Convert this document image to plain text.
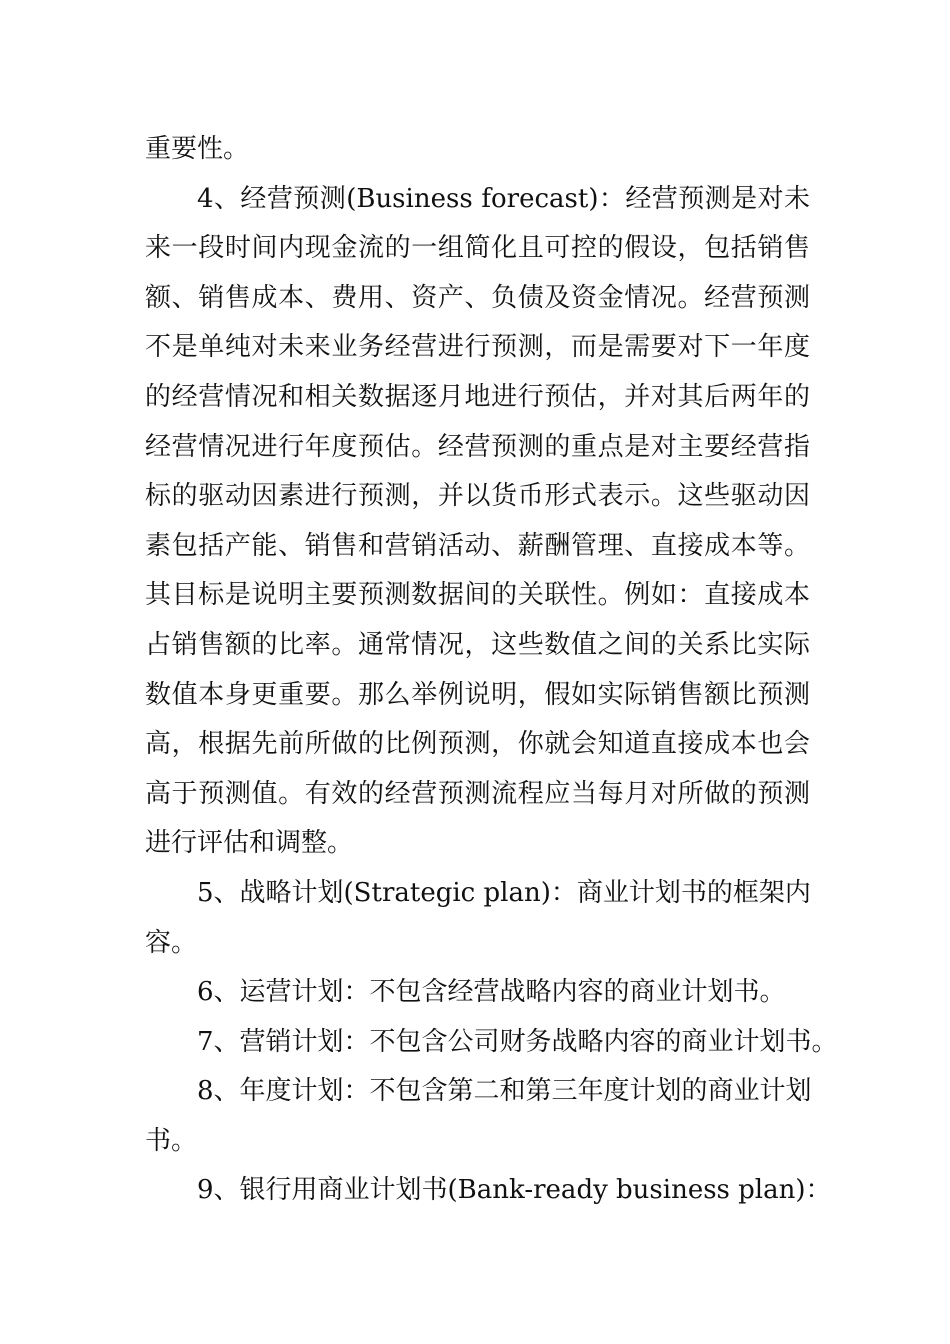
重要性。
4、经营预测(Business forecast)：经营预测是对未
来一段时间内现金流的一组简化且可控的假设，包括销售
额、销售成本、费用、资产、负债及资金情况。经营预测
不是单纯对未来业务经营进行预测，而是需要对下一年度
的经营情况和相关数据逐月地进行预估，并对其后两年的
经营情况进行年度预估。经营预测的重点是对主要经营指
标的驱动因素进行预测，并以货币形式表示。这些驱动因
素包括产能、销售和营销活动、薪酬管理、直接成本等。
其目标是说明主要预测数据间的关联性。例如：直接成本
占销售额的比率。通常情况，这些数值之间的关系比实际
数值本身更重要。那么举例说明，假如实际销售额比预测
高，根据先前所做的比例预测，你就会知道直接成本也会
高于预测值。有效的经营预测流程应当每月对所做的预测
进行评估和调整。
5、战略计划(Strategic plan)：商业计划书的框架内
容。
6、运营计划：不包含经营战略内容的商业计划书。
7、营销计划：不包含公司财务战略内容的商业计划书。
8、年度计划：不包含第二和第三年度计划的商业计划
书。
9、银行用商业计划书(Bank-ready business plan)：
